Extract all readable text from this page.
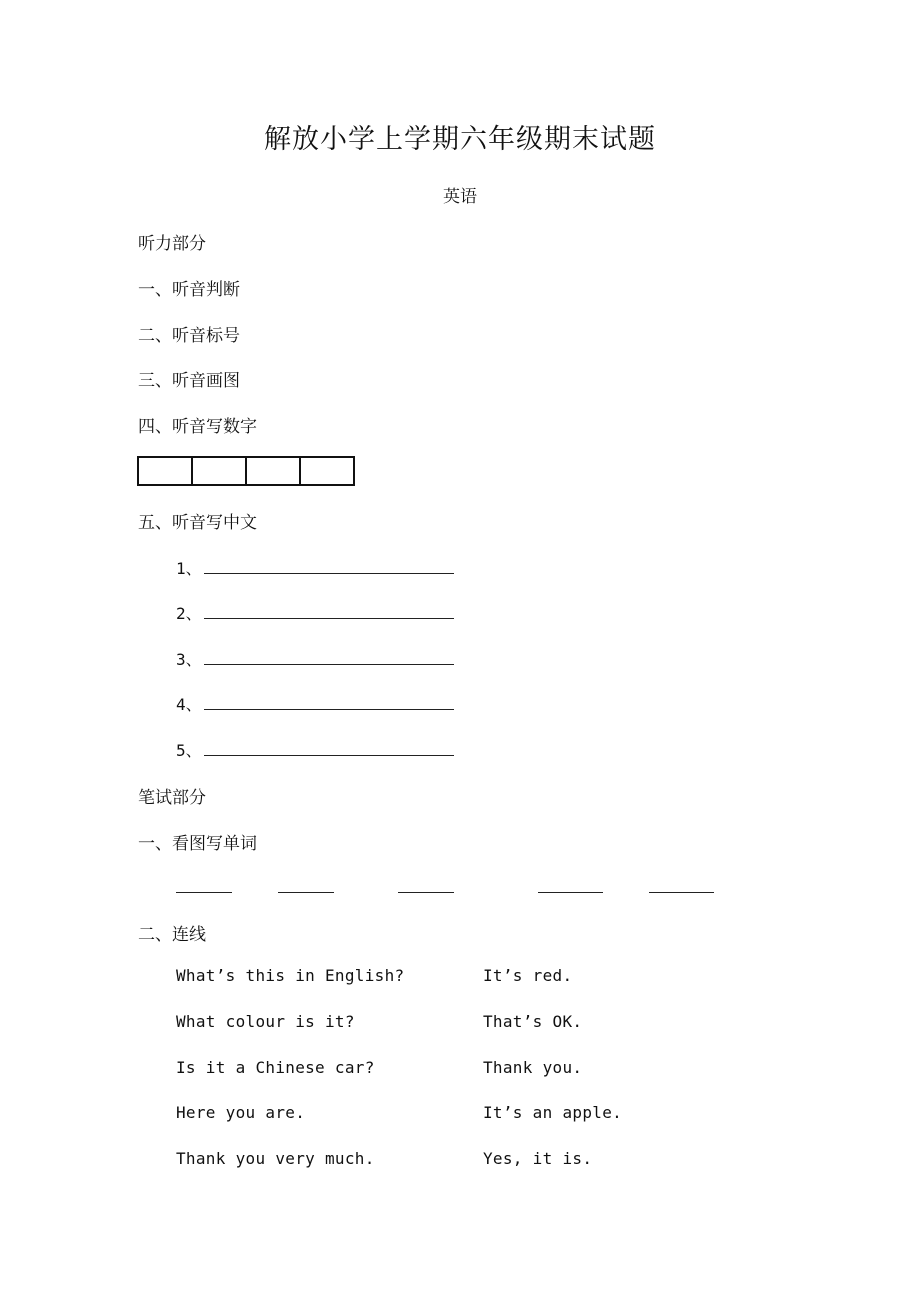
解放小学上学期六年级期末试题
英语
听力部分
一、听音判断
二、听音标号
三、听音画图
四、听音写数字
五、听音写中文
1、
2、
3、
4、
5、
笔试部分
一、看图写单词
二、连线
What’s this in English?	It’s red.
What colour is it?	That’s OK.
Is it a Chinese car?	Thank you.
Here you are.	It’s an apple.
Thank you very much.	Yes, it is.
